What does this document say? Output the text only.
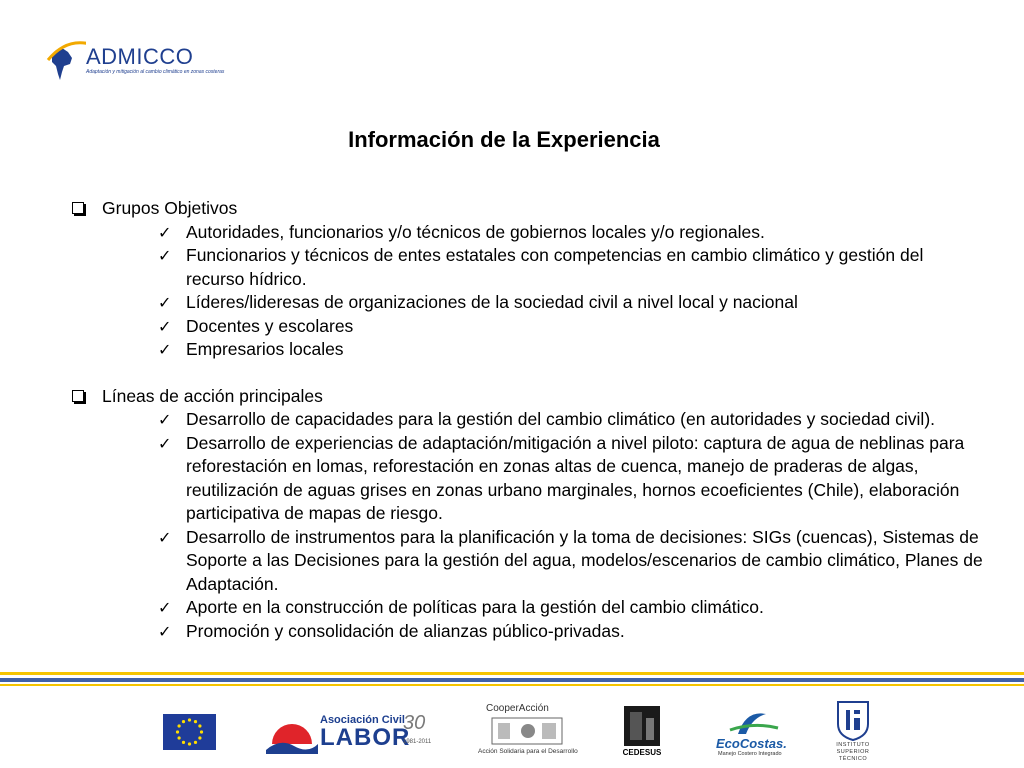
ADMICCO
Adaptación y mitigación al cambio climático en zonas costeras
Información de la Experiencia
Grupos Objetivos
✓ Autoridades, funcionarios y/o técnicos de gobiernos locales y/o regionales.
✓ Funcionarios y técnicos de entes estatales con competencias en cambio climático y gestión del recurso hídrico.
✓ Líderes/lideresas de organizaciones de la sociedad civil a nivel local y nacional
✓ Docentes y escolares
✓ Empresarios locales
Líneas de acción principales
✓ Desarrollo de capacidades para la gestión del cambio climático (en autoridades y sociedad civil).
✓ Desarrollo de experiencias de adaptación/mitigación a nivel piloto: captura de agua de neblinas para reforestación en lomas, reforestación en zonas altas de cuenca, manejo de praderas de algas, reutilización de aguas grises en zonas urbano marginales, hornos ecoeficientes (Chile), elaboración participativa de mapas de riesgo.
✓ Desarrollo de instrumentos para la planificación y la toma de decisiones: SIGs (cuencas), Sistemas de Soporte a las Decisiones para la gestión del agua, modelos/escenarios de cambio climático, Planes de Adaptación.
✓ Aporte en la construcción de políticas para la gestión del cambio climático.
✓ Promoción y consolidación de alianzas público-privadas.
Asociación Civil
LABOR
30
1981-2011
CooperAcción
Acción Solidaria para el Desarrollo	CEDESUS
EcoCostas.
Manejo Costero Integrado
INSTITUTO SUPERIOR TÉCNICO
